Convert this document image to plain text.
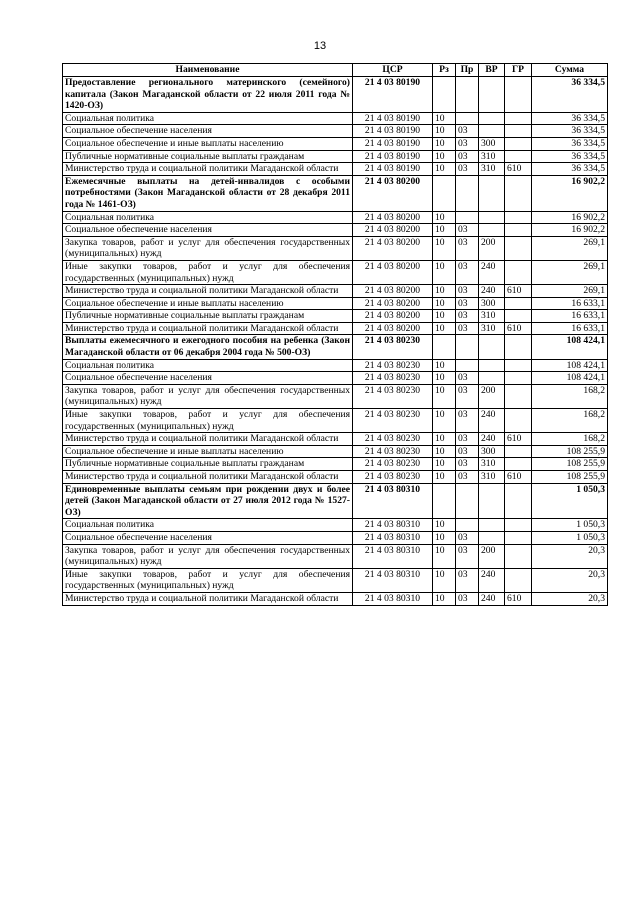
13
Наименование	ЦСР	Рз	Пр	ВР	ГР	Сумма
Предоставление регионального материнского (семейного) капитала (Закон Магаданской области от 22 июля 2011 года № 1420-ОЗ)	21 4 03 80190					36 334,5
Социальная политика	21 4 03 80190	10				36 334,5
Социальное обеспечение населения	21 4 03 80190	10	03			36 334,5
Социальное обеспечение и иные выплаты населению	21 4 03 80190	10	03	300		36 334,5
Публичные нормативные социальные выплаты гражданам	21 4 03 80190	10	03	310		36 334,5
Министерство труда и социальной политики Магаданской области	21 4 03 80190	10	03	310	610	36 334,5
Ежемесячные выплаты на детей-инвалидов с особыми потребностями (Закон Магаданской области от 28 декабря 2011 года № 1461-ОЗ)	21 4 03 80200					16 902,2
Социальная политика	21 4 03 80200	10				16 902,2
Социальное обеспечение населения	21 4 03 80200	10	03			16 902,2
Закупка товаров, работ и услуг для обеспечения государственных (муниципальных) нужд	21 4 03 80200	10	03	200		269,1
Иные закупки товаров, работ и услуг для обеспечения государственных (муниципальных) нужд	21 4 03 80200	10	03	240		269,1
Министерство труда и социальной политики Магаданской области	21 4 03 80200	10	03	240	610	269,1
Социальное обеспечение и иные выплаты населению	21 4 03 80200	10	03	300		16 633,1
Публичные нормативные социальные выплаты гражданам	21 4 03 80200	10	03	310		16 633,1
Министерство труда и социальной политики Магаданской области	21 4 03 80200	10	03	310	610	16 633,1
Выплаты ежемесячного и ежегодного пособия на ребенка (Закон Магаданской области от 06 декабря 2004 года № 500-ОЗ)	21 4 03 80230					108 424,1
Социальная политика	21 4 03 80230	10				108 424,1
Социальное обеспечение населения	21 4 03 80230	10	03			108 424,1
Закупка товаров, работ и услуг для обеспечения государственных (муниципальных) нужд	21 4 03 80230	10	03	200		168,2
Иные закупки товаров, работ и услуг для обеспечения государственных (муниципальных) нужд	21 4 03 80230	10	03	240		168,2
Министерство труда и социальной политики Магаданской области	21 4 03 80230	10	03	240	610	168,2
Социальное обеспечение и иные выплаты населению	21 4 03 80230	10	03	300		108 255,9
Публичные нормативные социальные выплаты гражданам	21 4 03 80230	10	03	310		108 255,9
Министерство труда и социальной политики Магаданской области	21 4 03 80230	10	03	310	610	108 255,9
Единовременные выплаты семьям при рождении двух и более детей (Закон Магаданской области от 27 июля 2012 года № 1527-ОЗ)	21 4 03 80310					1 050,3
Социальная политика	21 4 03 80310	10				1 050,3
Социальное обеспечение населения	21 4 03 80310	10	03			1 050,3
Закупка товаров, работ и услуг для обеспечения государственных (муниципальных) нужд	21 4 03 80310	10	03	200		20,3
Иные закупки товаров, работ и услуг для обеспечения государственных (муниципальных) нужд	21 4 03 80310	10	03	240		20,3
Министерство труда и социальной политики Магаданской области	21 4 03 80310	10	03	240	610	20,3
